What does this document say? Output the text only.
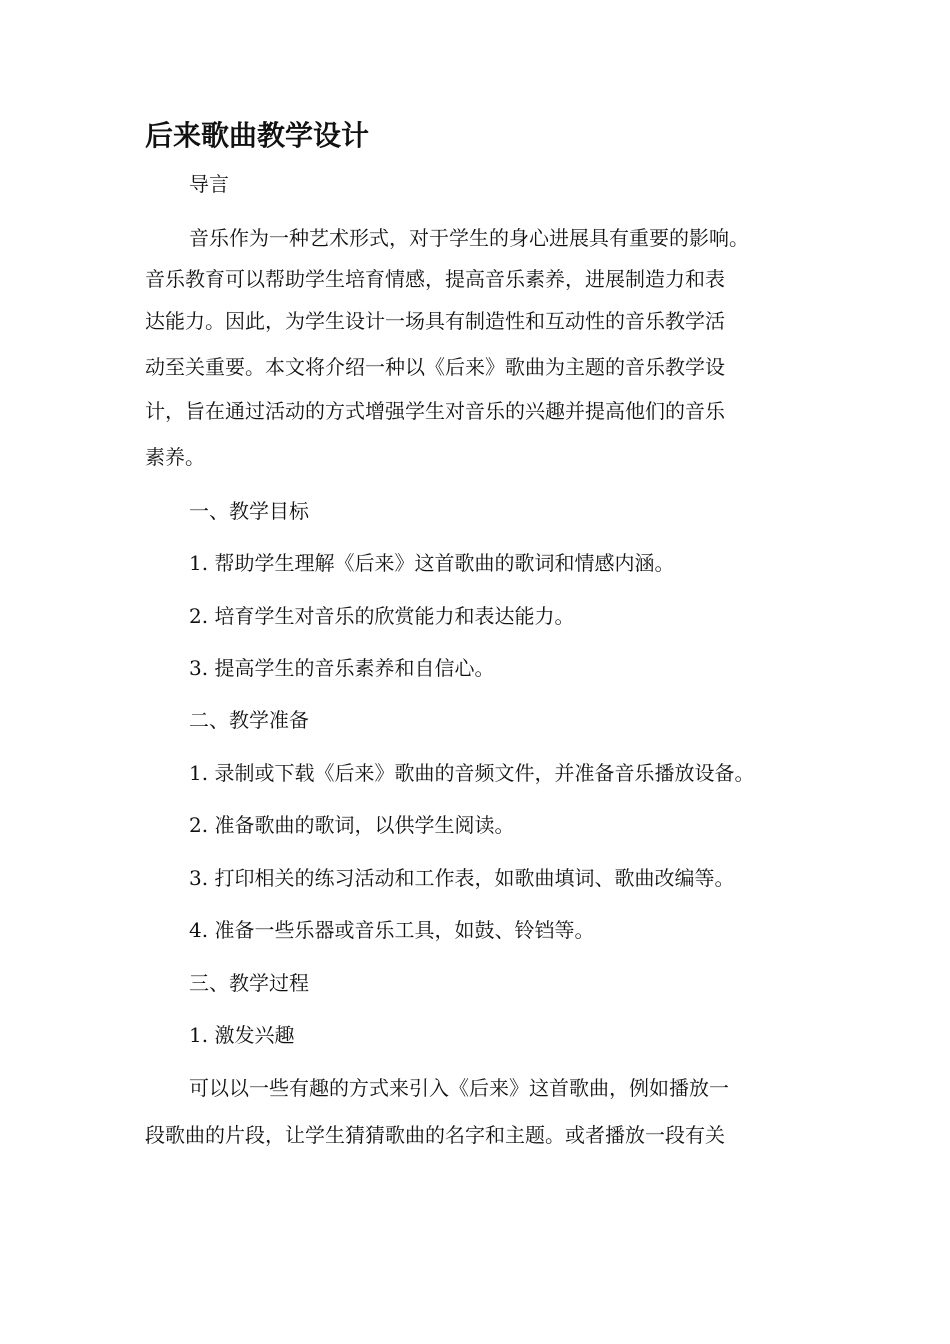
后来歌曲教学设计
导言
音乐作为一种艺术形式，对于学生的身心进展具有重要的影响。
音乐教育可以帮助学生培育情感，提高音乐素养，进展制造力和表
达能力。因此，为学生设计一场具有制造性和互动性的音乐教学活
动至关重要。本文将介绍一种以《后来》歌曲为主题的音乐教学设
计，旨在通过活动的方式增强学生对音乐的兴趣并提高他们的音乐
素养。
一、教学目标
1. 帮助学生理解《后来》这首歌曲的歌词和情感内涵。
2. 培育学生对音乐的欣赏能力和表达能力。
3. 提高学生的音乐素养和自信心。
二、教学准备
1. 录制或下载《后来》歌曲的音频文件，并准备音乐播放设备。
2. 准备歌曲的歌词，以供学生阅读。
3. 打印相关的练习活动和工作表，如歌曲填词、歌曲改编等。
4. 准备一些乐器或音乐工具，如鼓、铃铛等。
三、教学过程
1. 激发兴趣
可以以一些有趣的方式来引入《后来》这首歌曲，例如播放一
段歌曲的片段，让学生猜猜歌曲的名字和主题。或者播放一段有关
